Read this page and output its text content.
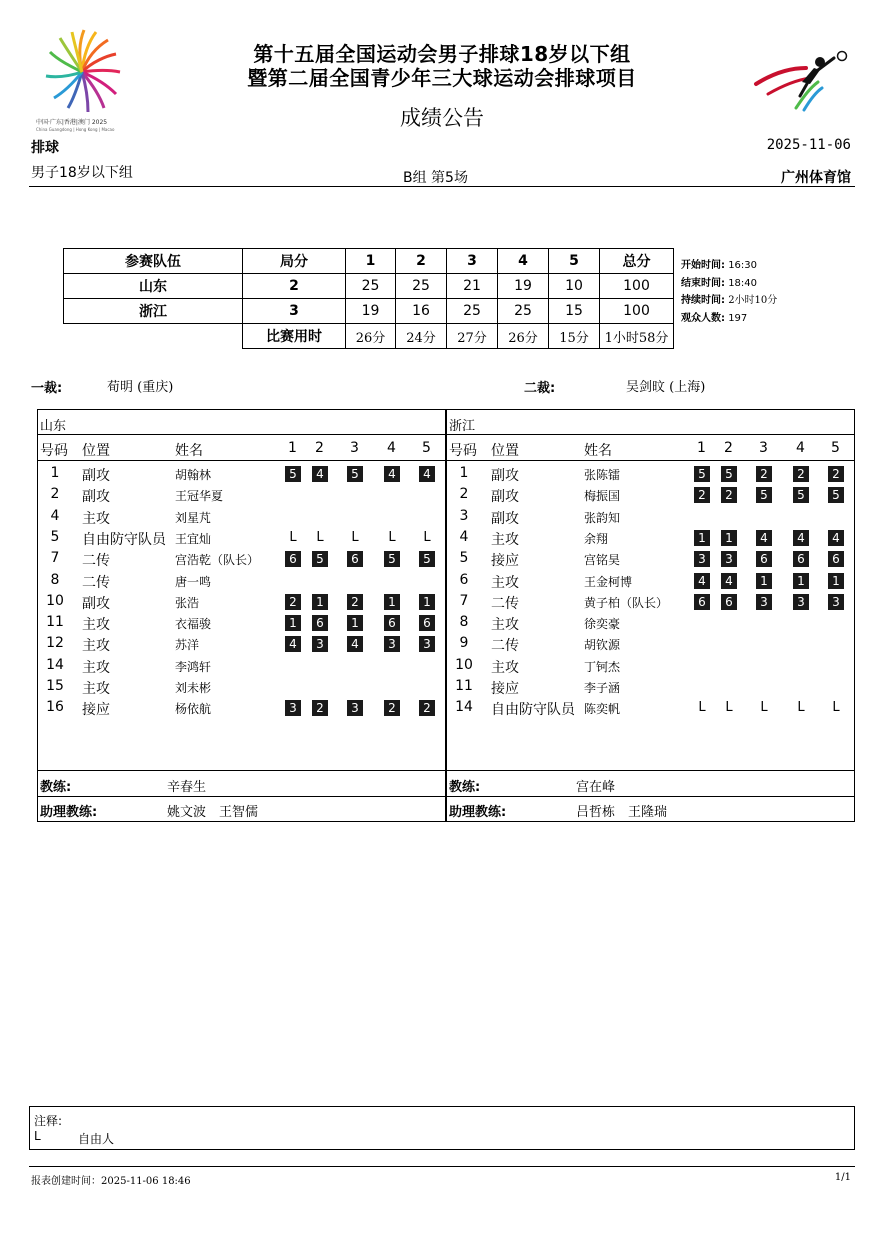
中国·广东|香港|澳门 2025
China Guangdong | Hong Kong | Macao
第十五届全国运动会男子排球18岁以下组
暨第二届全国青少年三大球运动会排球项目
成绩公告
排球	2025-11-06
男子18岁以下组	B组 第5场	广州体育馆
参赛队伍	局分	1	2	3	4	5	总分
山东	2	25	25	21	19	10	100
浙江	3	19	16	25	25	15	100
	比赛用时	26分	24分	27分	26分	15分	1小时58分
开始时间: 16:30
结束时间: 18:40
持续时间: 2小时10分
观众人数: 197
一裁:	荀明 (重庆)	二裁:	吴剑旼 (上海)
山东
号码 位置	姓名	1 2 3 4 5
1	副攻	胡翰林	5	4	5	4	4
2	副攻	王冠华夏
4	主攻	刘星芃
5	自由防守队员 王宜灿	L	L	L	L	L
7	二传	宫浩乾（队长）	6	5	6	5	5
8	二传	唐一鸣
10	副攻	张浩	2	1	2	1	1
11	主攻	衣福骏	1	6	1	6	6
12	主攻	苏洋	4	3	4	3	3
14	主攻	李鸿轩
15	主攻	刘未彬
16	接应	杨依航	3	2	3	2	2
教练:	辛春生
助理教练:	姚文波　王智儒
浙江
号码 位置	姓名	1 2 3 4 5
1	副攻	张陈镭	5	5	2	2	2
2	副攻	梅振国	2	2	5	5	5
3	副攻	张韵知
4	主攻	余翔	1	1	4	4	4
5	接应	宫铭昊	3	3	6	6	6
6	主攻	王金柯博	4	4	1	1	1
7	二传	黄子柏（队长）	6	6	3	3	3
8	主攻	徐奕豪
9	二传	胡钦源
10	主攻	丁钶杰
11	接应	李子涵
14	自由防守队员 陈奕帆	L	L	L	L	L
教练:	宫在峰
助理教练:	吕哲栋　王隆瑞
注释:
L	自由人
报表创建时间：2025-11-06 18:46	1/1
